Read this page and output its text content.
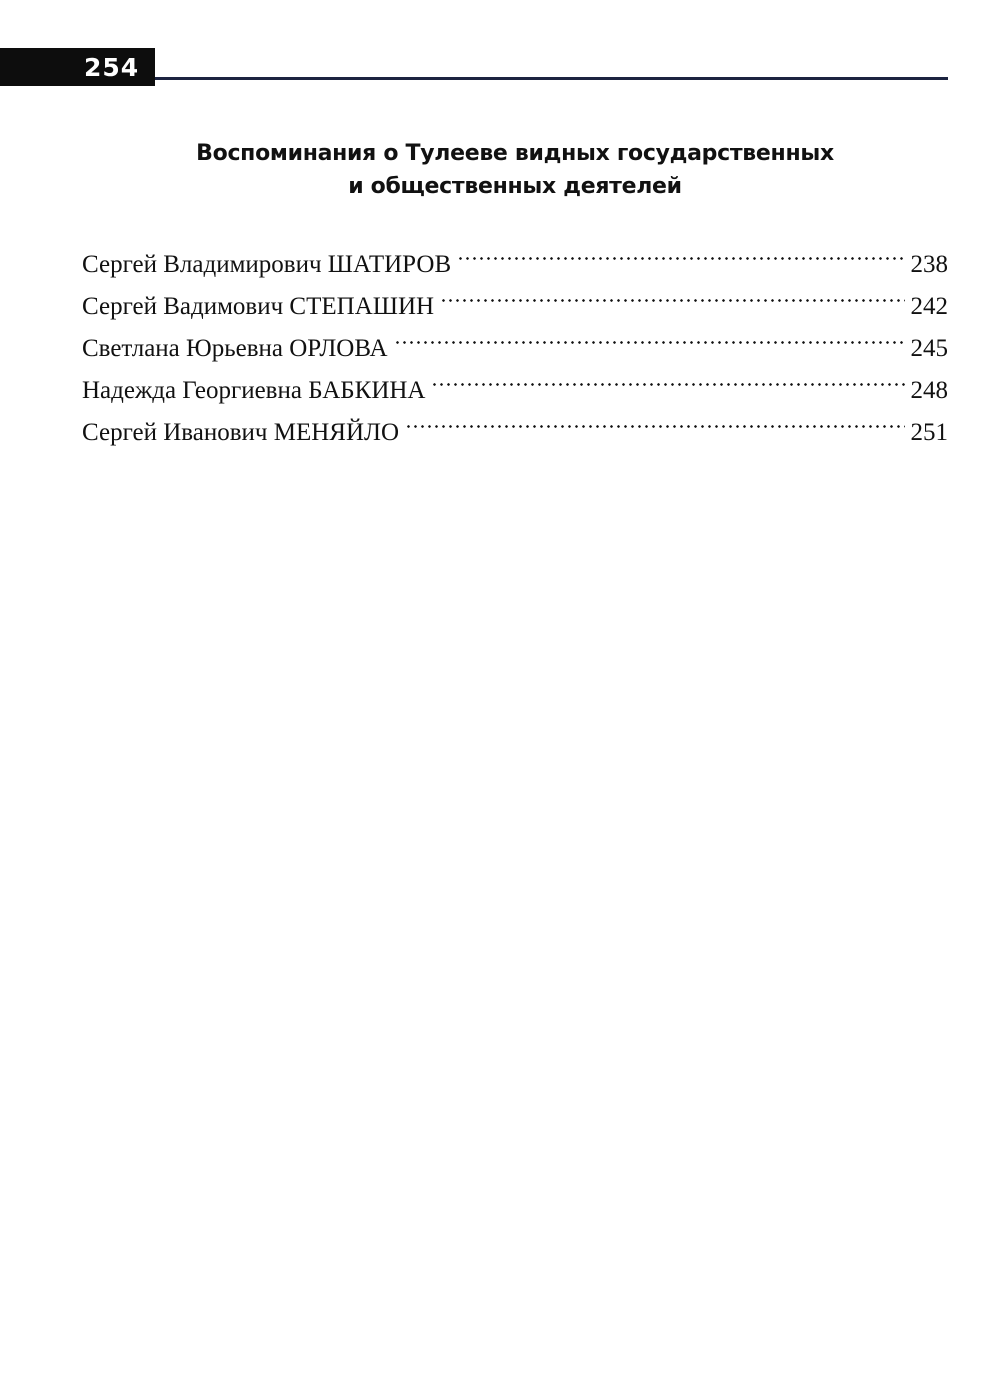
254
Воспоминания о Тулееве видных государственных
и общественных деятелей
Сергей Владимирович ШАТИРОВ	238
Сергей Вадимович СТЕПАШИН	242
Светлана Юрьевна ОРЛОВА	245
Надежда Георгиевна БАБКИНА	248
Сергей Иванович МЕНЯЙЛО	251
